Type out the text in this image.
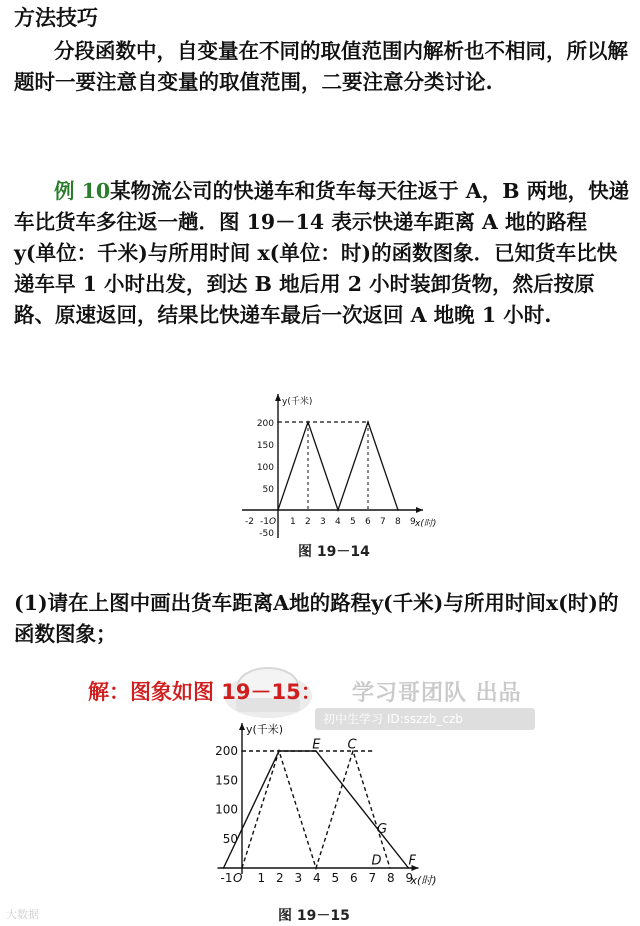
方法技巧
分段函数中，自变量在不同的取值范围内解析也不相同，所以解题时一要注意自变量的取值范围，二要注意分类讨论.
例 10某物流公司的快递车和货车每天往返于 A，B 两地，快递车比货车多往返一趟．图 19－14 表示快递车距离 A 地的路程 y(单位：千米)与所用时间 x(单位：时)的函数图象．已知货车比快递车早 1 小时出发，到达 B 地后用 2 小时装卸货物，然后按原路、原速返回，结果比快递车最后一次返回 A 地晚 1 小时.
y(千米)
x(时)
-2 -1 O 1 2 3 4 5 6 7 8 9
200
150
100
50
-50
图 19－14
(1)请在上图中画出货车距离A地的路程y(千米)与所用时间x(时)的函数图象；
解：图象如图 19－15： 学习哥团队 出品
初中生学习 ID:sszzb_czb
y(千米)
x(时)
-1 O 1 2 3 4 5 6 7 8 9
200
150
100
50
E C
G
D F
图 19－15
大数据
